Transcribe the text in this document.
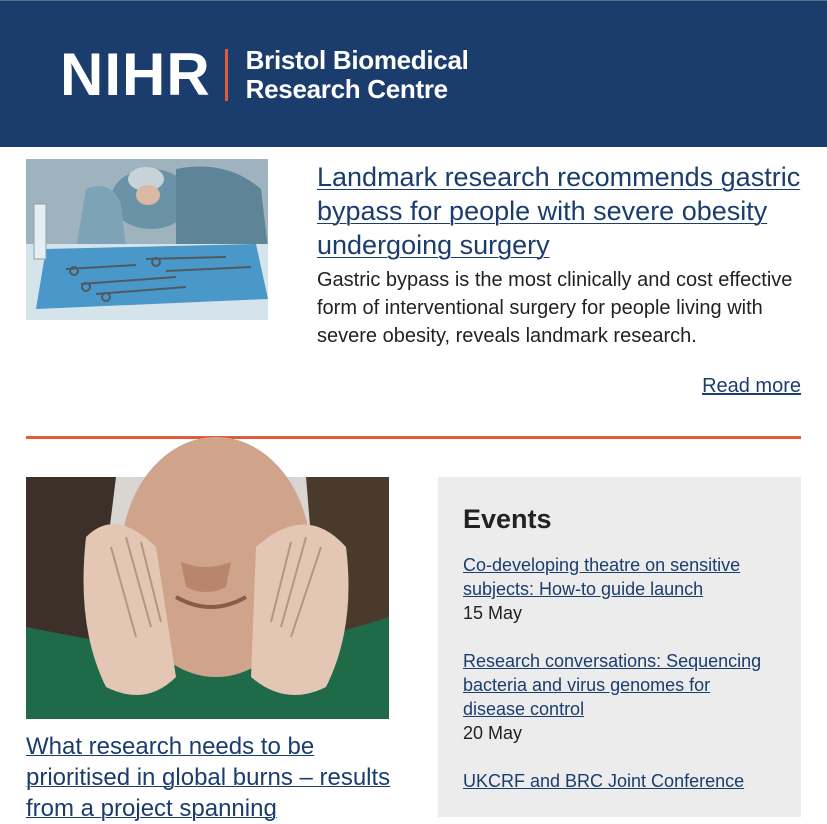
NIHR Bristol Biomedical
Research Centre
Landmark research recommends gastric bypass for people with severe obesity undergoing surgery

Gastric bypass is the most clinically and cost effective form of interventional surgery for people living with severe obesity, reveals landmark research.

Read more
What research needs to be prioritised in global burns – results from a project spanning
Events
Co-developing theatre on sensitive subjects: How-to guide launch
15 May
Research conversations: Sequencing bacteria and virus genomes for disease control
20 May
UKCRF and BRC Joint Conference
